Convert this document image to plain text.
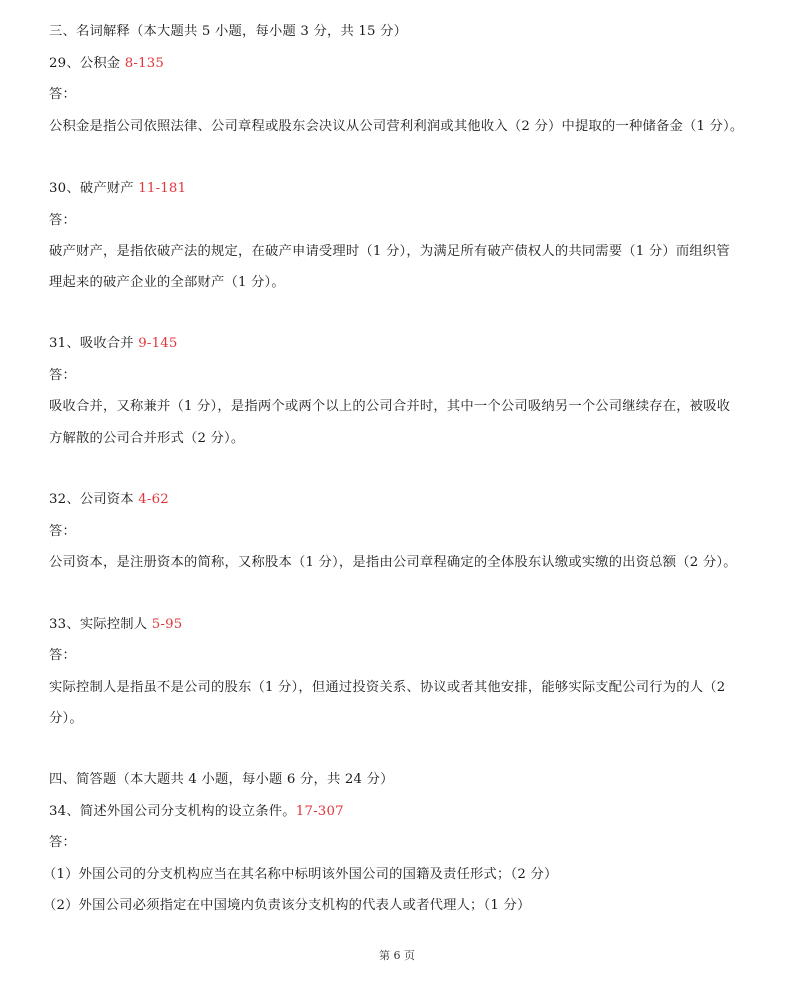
三、名词解释（本大题共 5 小题，每小题 3 分，共 15 分）
29、公积金 8-135
答：
公积金是指公司依照法律、公司章程或股东会决议从公司营利利润或其他收入（2 分）中提取的一种储备金（1 分）。
30、破产财产 11-181
答：
破产财产，是指依破产法的规定，在破产申请受理时（1 分），为满足所有破产债权人的共同需要（1 分）而组织管
理起来的破产企业的全部财产（1 分）。
31、吸收合并 9-145
答：
吸收合并，又称兼并（1 分），是指两个或两个以上的公司合并时，其中一个公司吸纳另一个公司继续存在，被吸收
方解散的公司合并形式（2 分）。
32、公司资本 4-62
答：
公司资本，是注册资本的简称，又称股本（1 分），是指由公司章程确定的全体股东认缴或实缴的出资总额（2 分）。
33、实际控制人 5-95
答：
实际控制人是指虽不是公司的股东（1 分），但通过投资关系、协议或者其他安排，能够实际支配公司行为的人（2
分）。
四、简答题（本大题共 4 小题，每小题 6 分，共 24 分）
34、简述外国公司分支机构的设立条件。17-307
答：
（1）外国公司的分支机构应当在其名称中标明该外国公司的国籍及责任形式；（2 分）
（2）外国公司必须指定在中国境内负责该分支机构的代表人或者代理人；（1 分）
第 6 页
